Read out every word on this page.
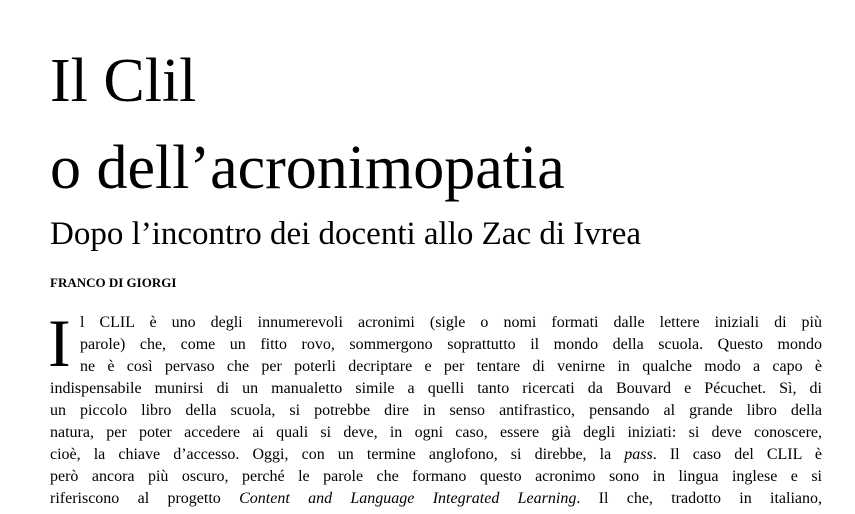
Il Clil
o dell’acronimopatia
Dopo l’incontro dei docenti allo Zac di Ivrea
FRANCO DI GIORGI
I l CLIL è uno degli innumerevoli acronimi (sigle o nomi formati dalle lettere iniziali di più
parole) che, come un fitto rovo, sommergono soprattutto il mondo della scuola. Questo mondo
ne è così pervaso che per poterli decriptare e per tentare di venirne in qualche modo a capo è
indispensabile munirsi di un manualetto simile a quelli tanto ricercati da Bouvard e Pécuchet. Sì, di
un piccolo libro della scuola, si potrebbe dire in senso antifrastico, pensando al grande libro della
natura, per poter accedere ai quali si deve, in ogni caso, essere già degli iniziati: si deve conoscere,
cioè, la chiave d’accesso. Oggi, con un termine anglofono, si direbbe, la pass. Il caso del CLIL è
però ancora più oscuro, perché le parole che formano questo acronimo sono in lingua inglese e si
riferiscono al progetto Content and Language Integrated Learning. Il che, tradotto in italiano,
